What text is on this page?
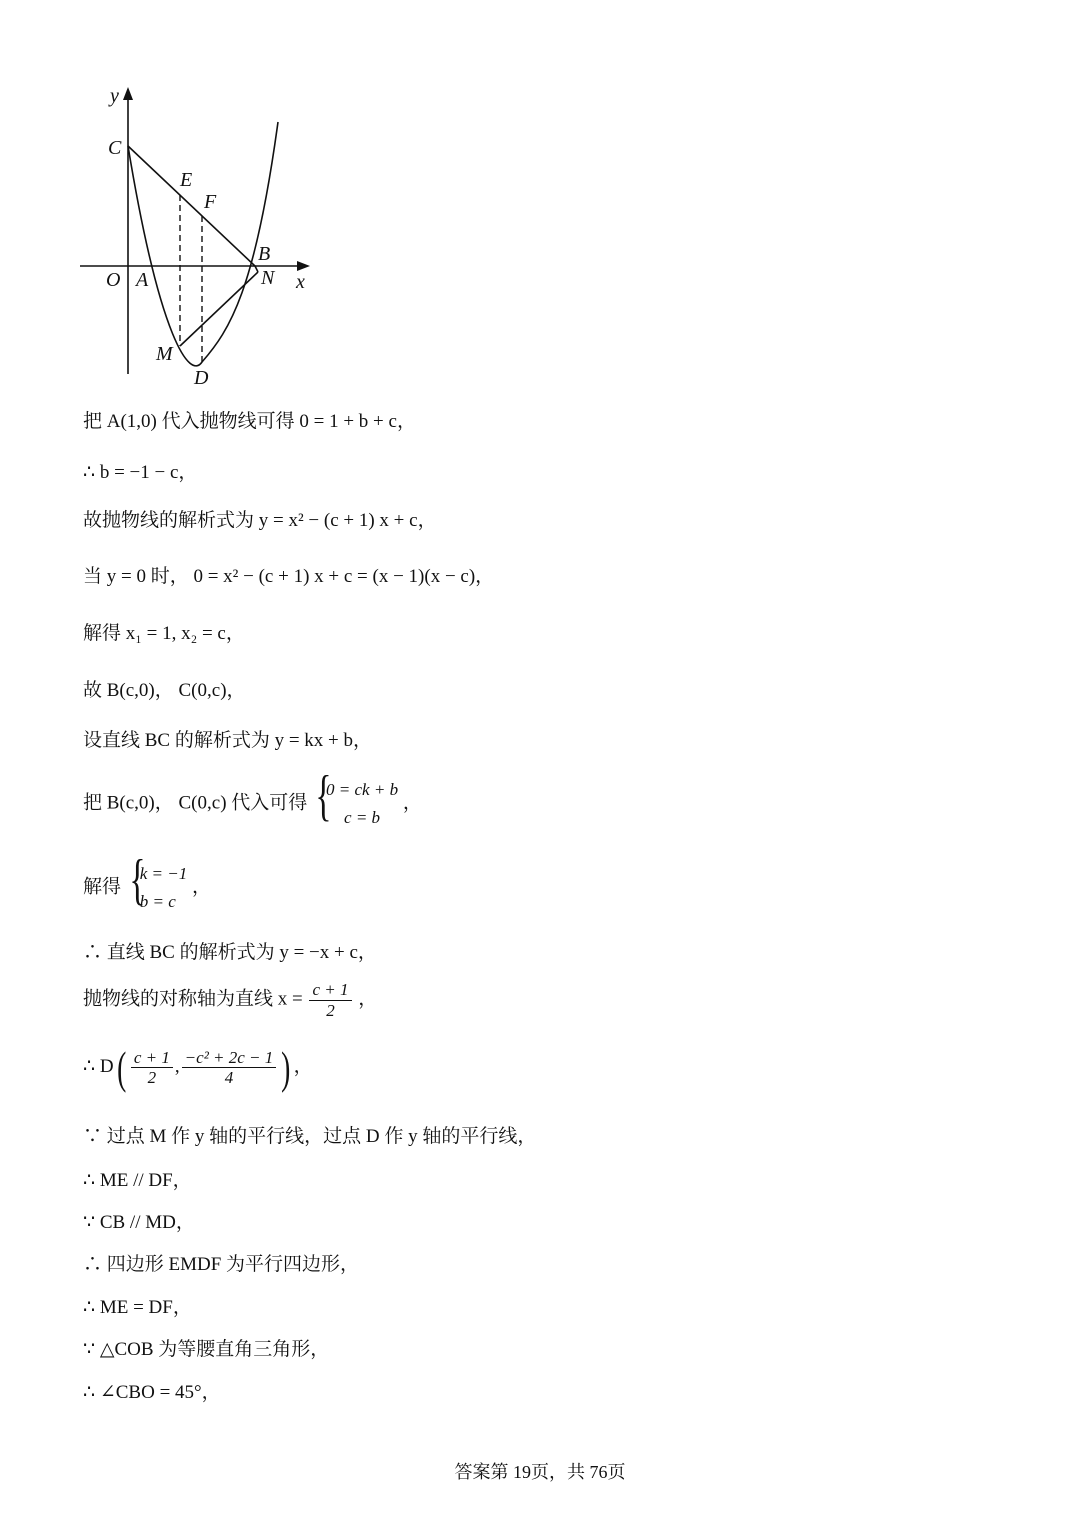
y
C
E
F
B
O A	N x
M
D
把 A(1,0) 代入抛物线可得 0 = 1 + b + c，
∴ b = −1 − c，
故抛物线的解析式为 y = x² − (c + 1) x + c，
当 y = 0 时， 0 = x² − (c + 1) x + c = (x − 1)(x − c)，
解得 x₁ = 1, x₂ = c，
故 B(c,0)， C(0,c)，
设直线 BC 的解析式为 y = kx + b，
把 B(c,0)， C(0,c) 代入可得
{ 0 = ck + b
c = b
，
解得
{ k = −1
b = c
，
∴ 直线 BC 的解析式为 y = −x + c，
抛物线的对称轴为直线 $x = \frac{c + 1}{2}$ ，
∴ $D( \frac{c + 1}{2}$ , $\frac{\text{−c² + 2c − 1}}{4}$ ) ，
∵ 过点 M 作 y 轴的平行线，过点 D 作 y 轴的平行线，
∴ ME // DF，
∵ CB // MD，
∴ 四边形 EMDF 为平行四边形，
∴ ME = DF，
∵ △COB 为等腰直角三角形，
∴ ∠CBO = 45°，
答案第 19页，共 76页
